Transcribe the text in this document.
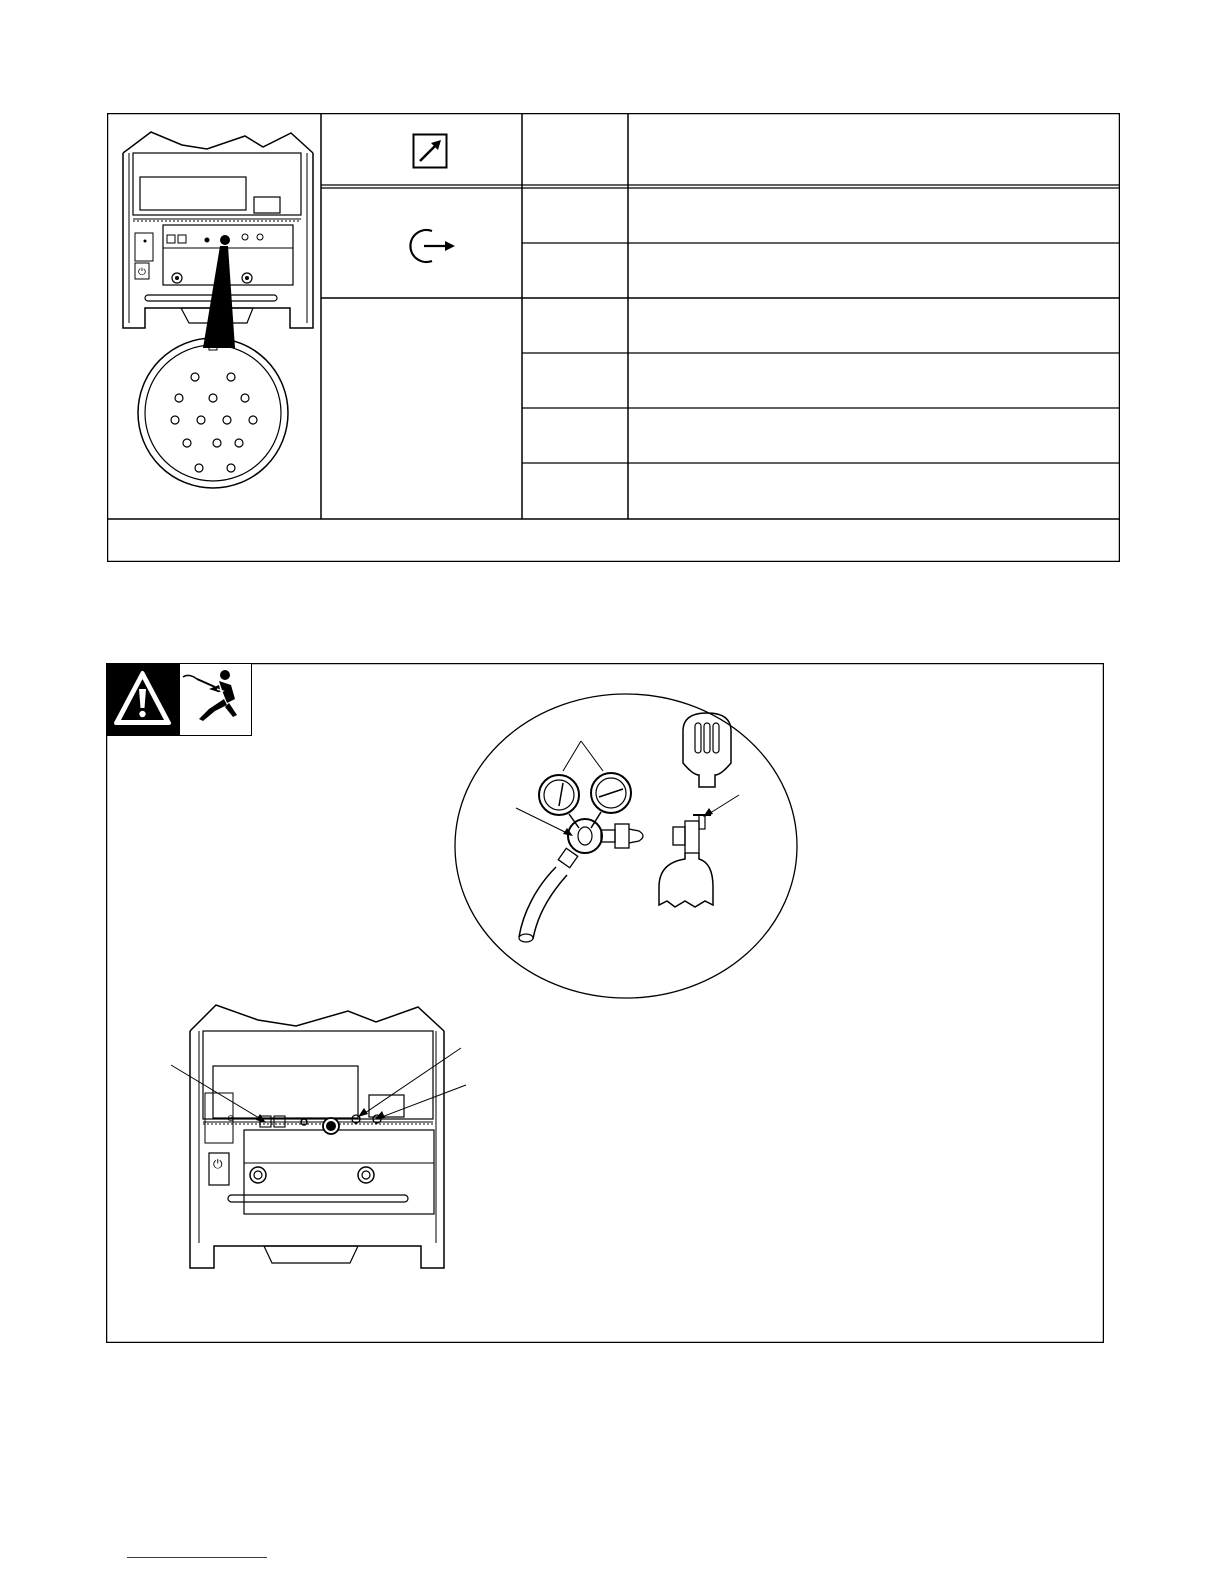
⏻
⊘
⏻
